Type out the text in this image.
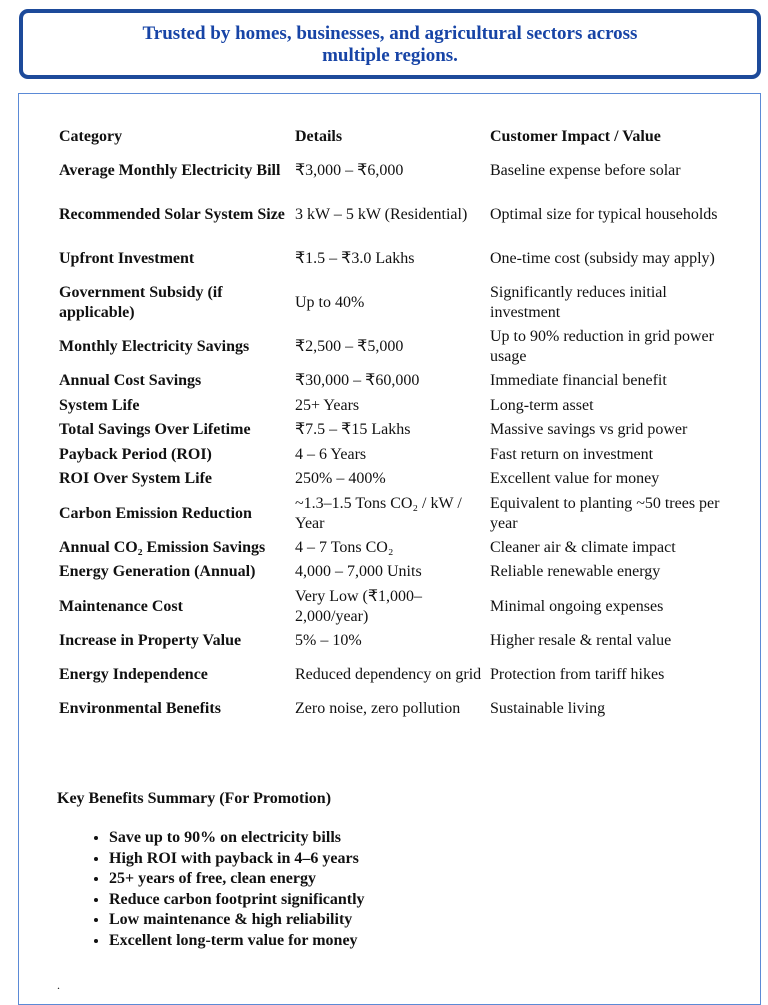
Trusted by homes, businesses, and agricultural sectors across multiple regions.
Category	Details	Customer Impact / Value
Average Monthly Electricity Bill	₹3,000 – ₹6,000	Baseline expense before solar
Recommended Solar System Size	3 kW – 5 kW (Residential)	Optimal size for typical households
Upfront Investment	₹1.5 – ₹3.0 Lakhs	One-time cost (subsidy may apply)
Government Subsidy (if applicable)	Up to 40%	Significantly reduces initial investment
Monthly Electricity Savings	₹2,500 – ₹5,000	Up to 90% reduction in grid power usage
Annual Cost Savings	₹30,000 – ₹60,000	Immediate financial benefit
System Life	25+ Years	Long-term asset
Total Savings Over Lifetime	₹7.5 – ₹15 Lakhs	Massive savings vs grid power
Payback Period (ROI)	4 – 6 Years	Fast return on investment
ROI Over System Life	250% – 400%	Excellent value for money
Carbon Emission Reduction	~1.3–1.5 Tons CO₂ / kW / Year	Equivalent to planting ~50 trees per year
Annual CO₂ Emission Savings	4 – 7 Tons CO₂	Cleaner air & climate impact
Energy Generation (Annual)	4,000 – 7,000 Units	Reliable renewable energy
Maintenance Cost	Very Low (₹1,000–2,000/year)	Minimal ongoing expenses
Increase in Property Value	5% – 10%	Higher resale & rental value
Energy Independence	Reduced dependency on grid	Protection from tariff hikes
Environmental Benefits	Zero noise, zero pollution	Sustainable living
Key Benefits Summary (For Promotion)
• Save up to 90% on electricity bills
• High ROI with payback in 4–6 years
• 25+ years of free, clean energy
• Reduce carbon footprint significantly
• Low maintenance & high reliability
• Excellent long-term value for money
.
